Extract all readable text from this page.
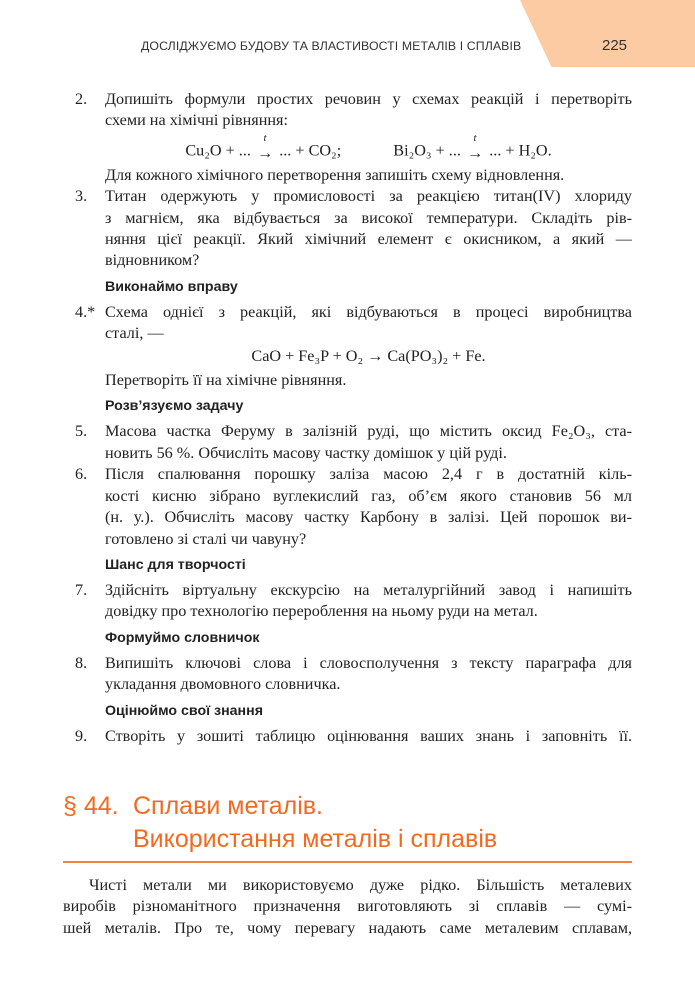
ДОСЛІДЖУЄМО БУДОВУ ТА ВЛАСТИВОСТІ МЕТАЛІВ І СПЛАВІВ	225
2.	Допишіть формули простих речовин у схемах реакцій і перетворіть
схеми на хімічні рівняння:
Cu₂O + ...
t
→ ... + CO₂;	Bi₂O₃ + ...
t
→ ... + H₂O.
Для кожного хімічного перетворення запишіть схему відновлення.
3.	Титан одержують у промисловості за реакцією титан(IV) хлориду
з магнієм, яка відбувається за високої температури. Складіть рів-
няння цієї реакції. Який хімічний елемент є окисником, а який —
відновником?
Виконаймо вправу
4.* Схема однієї з реакцій, які відбуваються в процесі виробництва
сталі, —
CaO + Fe₃P + O₂ → Ca(PO₃)₂ + Fe.
Перетворіть її на хімічне рівняння.
Розв’язуємо задачу
5.	Масова частка Феруму в залізній руді, що містить оксид Fe₂O₃, ста-
новить 56 %. Обчисліть масову частку домішок у цій руді.
6.	Після спалювання порошку заліза масою 2,4 г в достатній кіль-
кості кисню зібрано вуглекислий газ, об’єм якого становив 56 мл
(н. у.). Обчисліть масову частку Карбону в залізі. Цей порошок ви-
готовлено зі сталі чи чавуну?
Шанс для творчості
7.	Здійсніть віртуальну екскурсію на металургійний завод і напишіть
довідку про технологію перероблення на ньому руди на метал.
Формуймо словничок
8.	Випишіть ключові слова і словосполучення з тексту параграфа для
укладання двомовного словничка.
Оцінюймо свої знання
9.	Створіть у зошиті таблицю оцінювання ваших знань і заповніть її.
§ 44. Сплави металів.
Використання металів і сплавів
Чисті метали ми використовуємо дуже рідко. Більшість металевих
виробів різноманітного призначення виготовляють зі сплавів — сумі-
шей металів. Про те, чому перевагу надають саме металевим сплавам,
